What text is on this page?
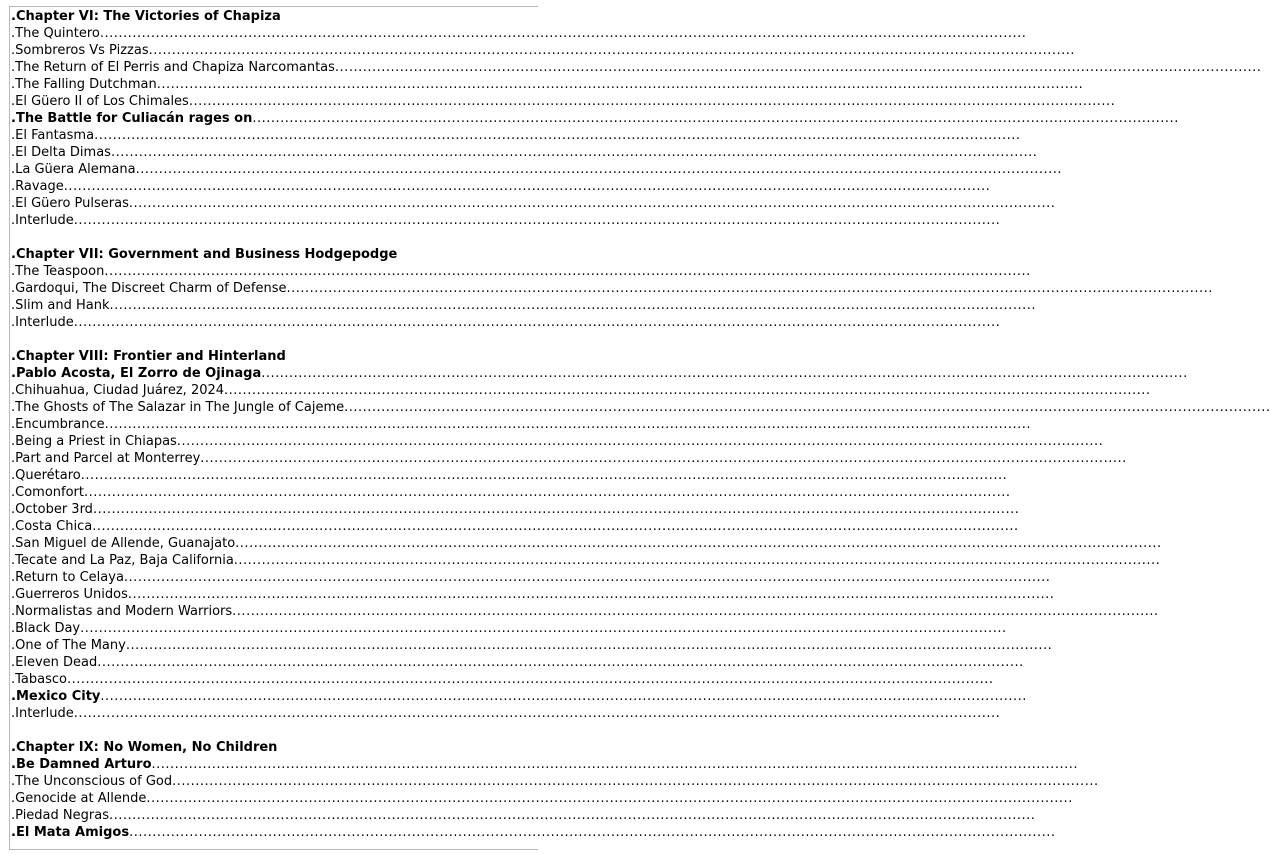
.Chapter VI: The Victories of Chapiza
.The Quintero........................................................................................................................................................................................................
.Sombreros Vs Pizzas........................................................................................................................................................................................................
.The Return of El Perris and Chapiza Narcomantas........................................................................................................................................................................................................
.The Falling Dutchman........................................................................................................................................................................................................
.El Güero II of Los Chimales........................................................................................................................................................................................................
.The Battle for Culiacán rages on........................................................................................................................................................................................................
.El Fantasma........................................................................................................................................................................................................
.El Delta Dimas........................................................................................................................................................................................................
.La Güera Alemana........................................................................................................................................................................................................
.Ravage........................................................................................................................................................................................................
.El Güero Pulseras........................................................................................................................................................................................................
.Interlude........................................................................................................................................................................................................
.Chapter VII: Government and Business Hodgepodge
.The Teaspoon........................................................................................................................................................................................................
.Gardoqui, The Discreet Charm of Defense........................................................................................................................................................................................................
.Slim and Hank........................................................................................................................................................................................................
.Interlude........................................................................................................................................................................................................
.Chapter VIII: Frontier and Hinterland
.Pablo Acosta, El Zorro de Ojinaga........................................................................................................................................................................................................
.Chihuahua, Ciudad Juárez, 2024........................................................................................................................................................................................................
.The Ghosts of The Salazar in The Jungle of Cajeme........................................................................................................................................................................................................
.Encumbrance........................................................................................................................................................................................................
.Being a Priest in Chiapas........................................................................................................................................................................................................
.Part and Parcel at Monterrey........................................................................................................................................................................................................
.Querétaro........................................................................................................................................................................................................
.Comonfort........................................................................................................................................................................................................
.October 3rd........................................................................................................................................................................................................
.Costa Chica........................................................................................................................................................................................................
.San Miguel de Allende, Guanajato........................................................................................................................................................................................................
.Tecate and La Paz, Baja California........................................................................................................................................................................................................
.Return to Celaya........................................................................................................................................................................................................
.Guerreros Unidos........................................................................................................................................................................................................
.Normalistas and Modern Warriors........................................................................................................................................................................................................
.Black Day........................................................................................................................................................................................................
.One of The Many........................................................................................................................................................................................................
.Eleven Dead........................................................................................................................................................................................................
.Tabasco........................................................................................................................................................................................................
.Mexico City........................................................................................................................................................................................................
.Interlude........................................................................................................................................................................................................
.Chapter IX: No Women, No Children
.Be Damned Arturo........................................................................................................................................................................................................
.The Unconscious of God........................................................................................................................................................................................................
.Genocide at Allende........................................................................................................................................................................................................
.Piedad Negras........................................................................................................................................................................................................
.El Mata Amigos........................................................................................................................................................................................................
